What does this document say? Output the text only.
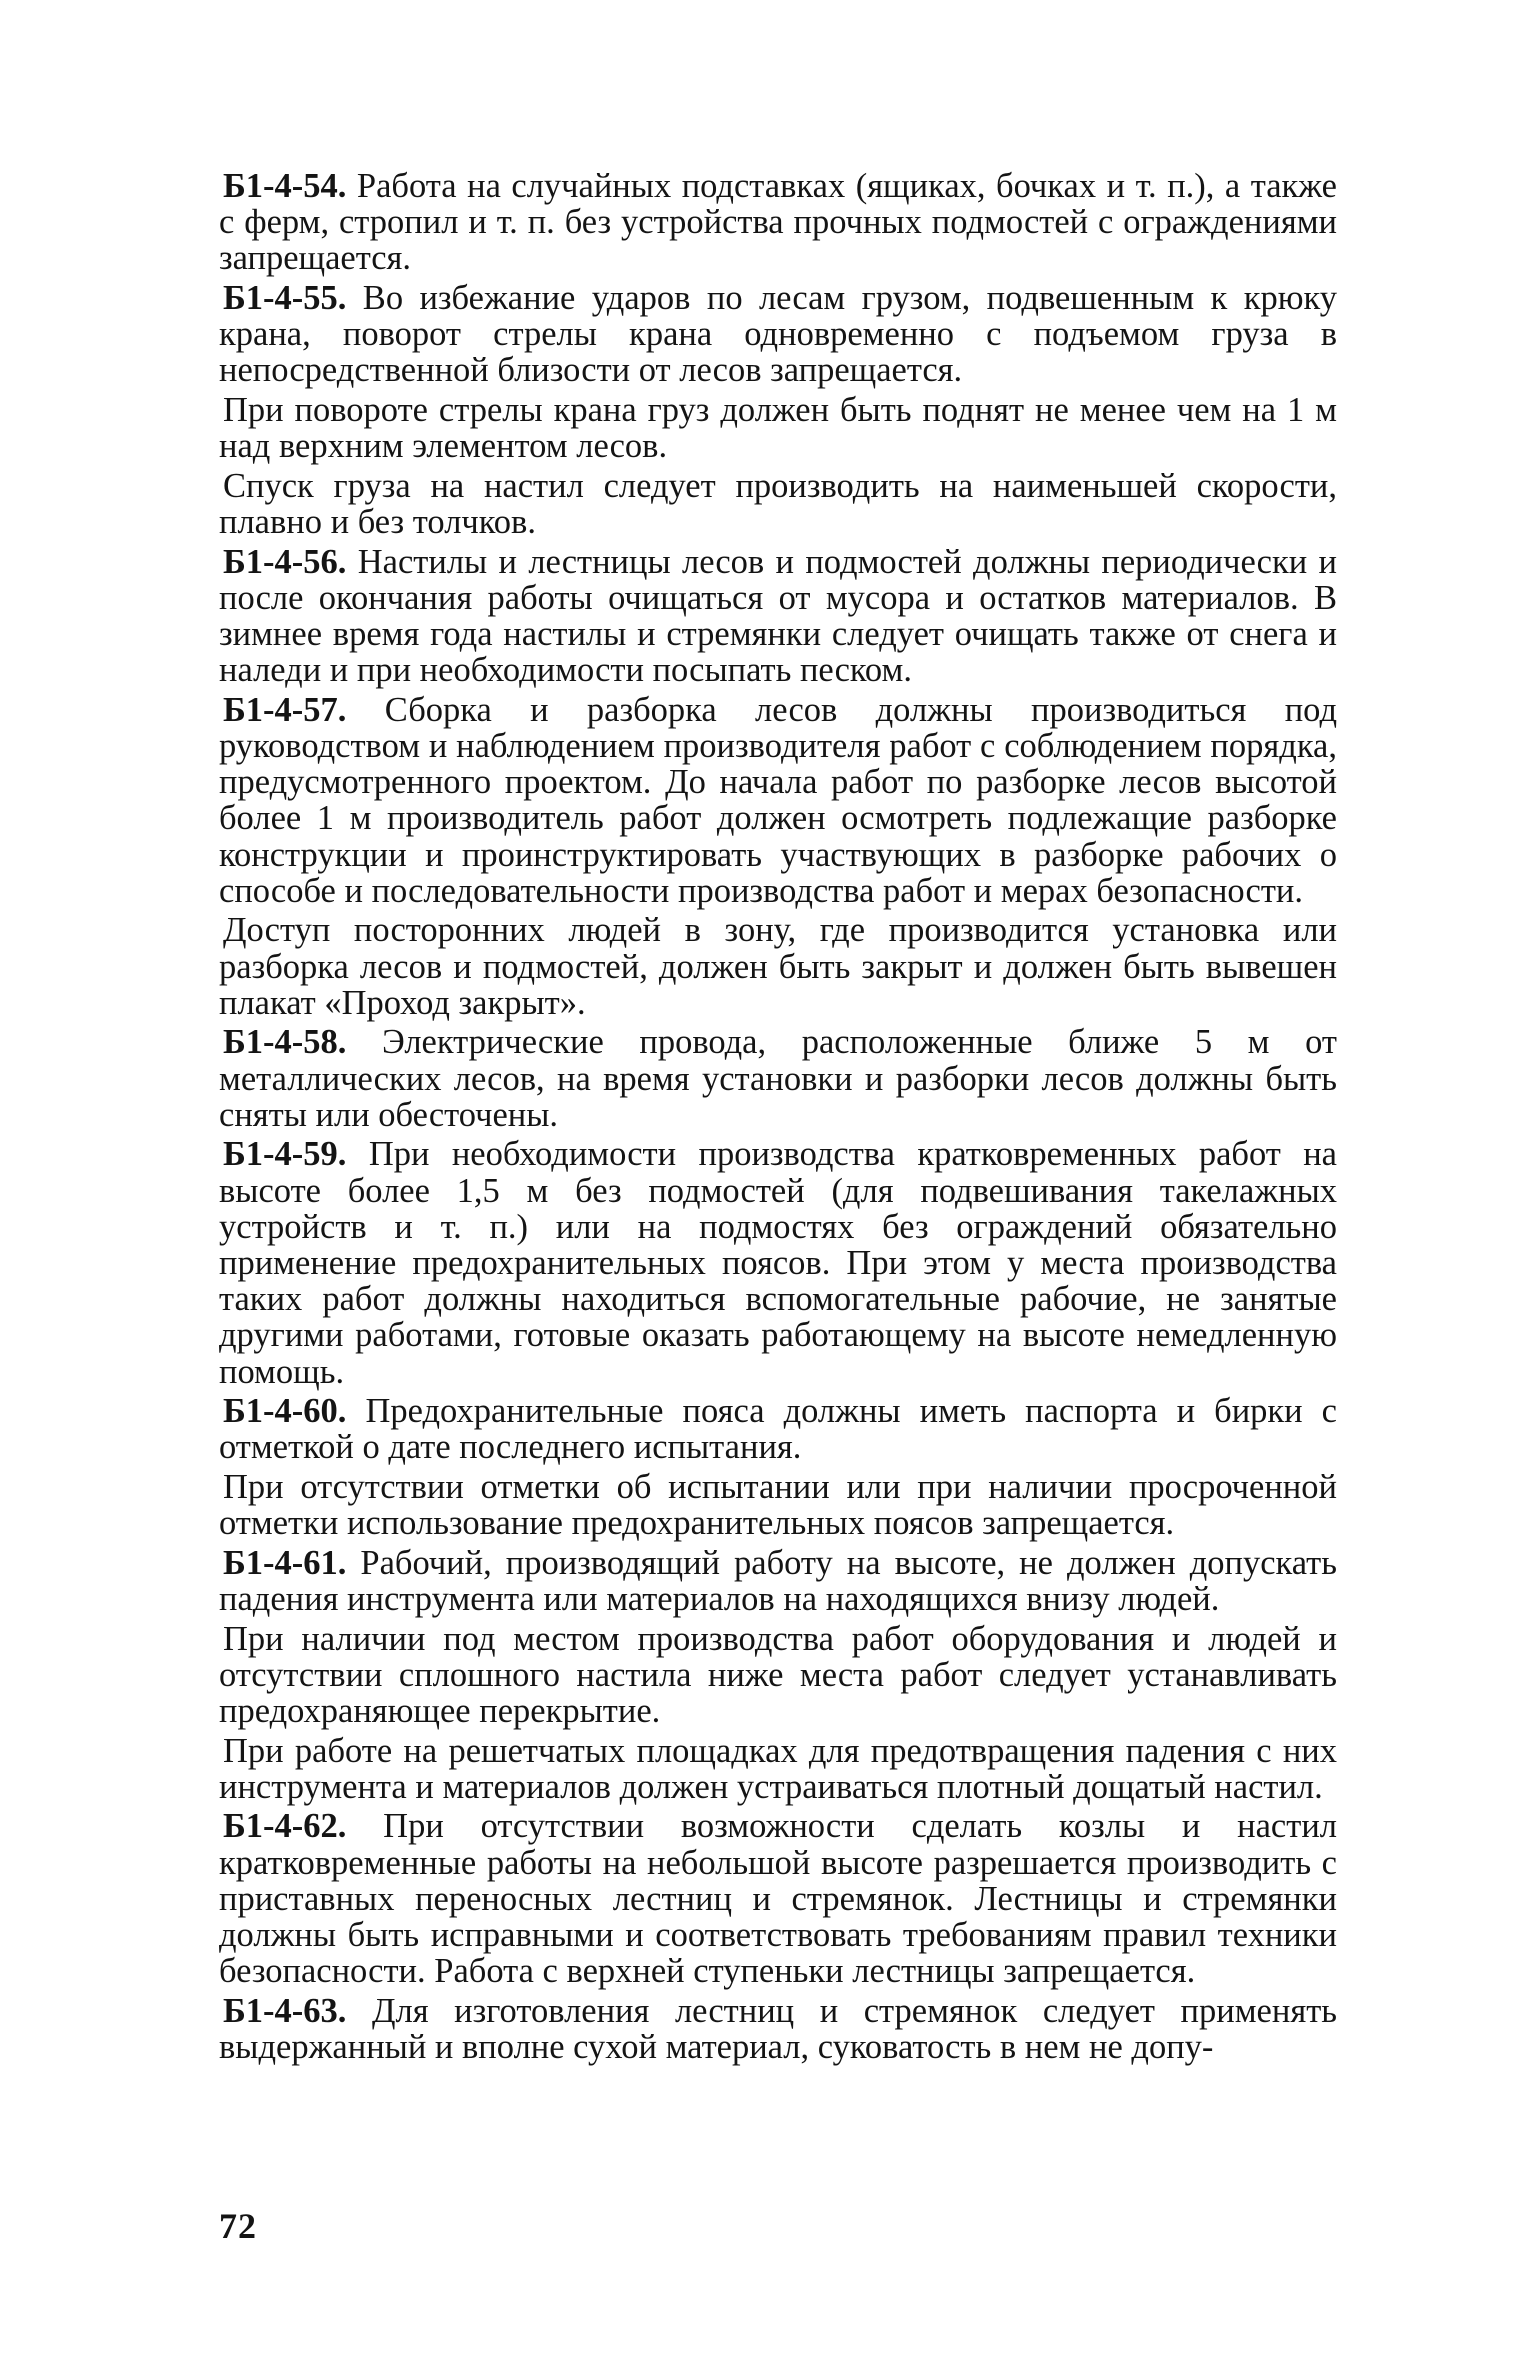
Б1-4-54. Работа на случайных подставках (ящиках, бочках и т. п.), а также с ферм, стропил и т. п. без устройства прочных подмостей с ограждениями запрещается.

Б1-4-55. Во избежание ударов по лесам грузом, подвешенным к крюку крана, поворот стрелы крана одновременно с подъемом груза в непосредственной близости от лесов запрещается.

При повороте стрелы крана груз должен быть поднят не менее чем на 1 м над верхним элементом лесов.

Спуск груза на настил следует производить на наименьшей скорости, плавно и без толчков.

Б1-4-56. Настилы и лестницы лесов и подмостей должны периодически и после окончания работы очищаться от мусора и остатков материалов. В зимнее время года настилы и стремянки следует очищать также от снега и наледи и при необходимости посыпать песком.

Б1-4-57. Сборка и разборка лесов должны производиться под руководством и наблюдением производителя работ с соблюдением порядка, предусмотренного проектом. До начала работ по разборке лесов высотой более 1 м производитель работ должен осмотреть подлежащие разборке конструкции и проинструктировать участвующих в разборке рабочих о способе и последовательности производства работ и мерах безопасности.

Доступ посторонних людей в зону, где производится установка или разборка лесов и подмостей, должен быть закрыт и должен быть вывешен плакат «Проход закрыт».

Б1-4-58. Электрические провода, расположенные ближе 5 м от металлических лесов, на время установки и разборки лесов должны быть сняты или обесточены.

Б1-4-59. При необходимости производства кратковременных работ на высоте более 1,5 м без подмостей (для подвешивания такелажных устройств и т. п.) или на подмостях без ограждений обязательно применение предохранительных поясов. При этом у места производства таких работ должны находиться вспомогательные рабочие, не занятые другими работами, готовые оказать работающему на высоте немедленную помощь.

Б1-4-60. Предохранительные пояса должны иметь паспорта и бирки с отметкой о дате последнего испытания.

При отсутствии отметки об испытании или при наличии просроченной отметки использование предохранительных поясов запрещается.

Б1-4-61. Рабочий, производящий работу на высоте, не должен допускать падения инструмента или материалов на находящихся внизу людей.

При наличии под местом производства работ оборудования и людей и отсутствии сплошного настила ниже места работ следует устанавливать предохраняющее перекрытие.

При работе на решетчатых площадках для предотвращения падения с них инструмента и материалов должен устраиваться плотный дощатый настил.

Б1-4-62. При отсутствии возможности сделать козлы и настил кратковременные работы на небольшой высоте разрешается производить с приставных переносных лестниц и стремянок. Лестницы и стремянки должны быть исправными и соответствовать требованиям правил техники безопасности. Работа с верхней ступеньки лестницы запрещается.

Б1-4-63. Для изготовления лестниц и стремянок следует применять выдержанный и вполне сухой материал, суковатость в нем не допу-

72
